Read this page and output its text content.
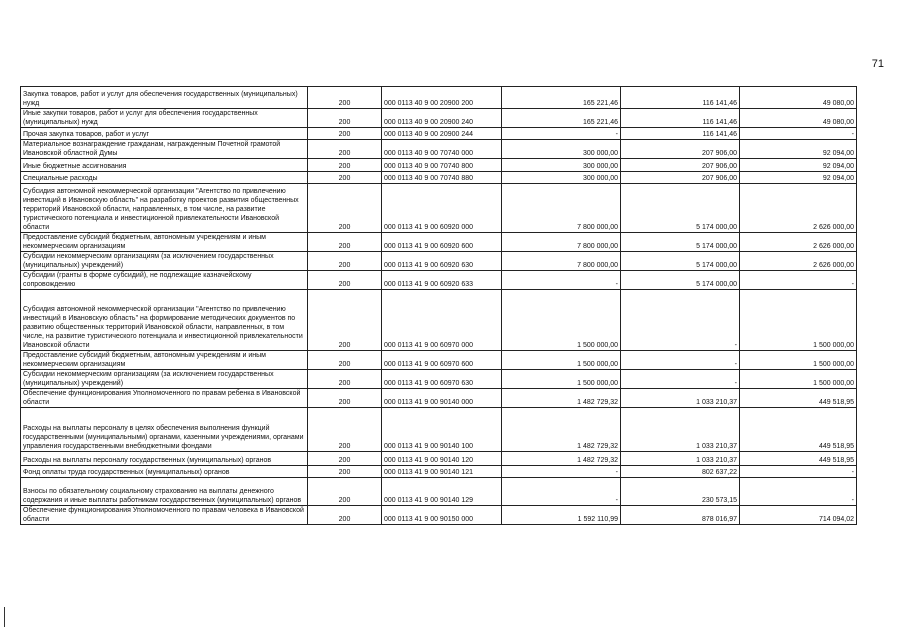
71
Закупка товаров, работ и услуг для обеспечения государственных (муниципальных) нужд	200	000 0113 40 9 00 20900 200	165 221,46	116 141,46	49 080,00
Иные закупки товаров, работ и услуг для обеспечения государственных (муниципальных) нужд	200	000 0113 40 9 00 20900 240	165 221,46	116 141,46	49 080,00
Прочая закупка товаров, работ и услуг	200	000 0113 40 9 00 20900 244	-	116 141,46	-
Материальное вознаграждение гражданам, награжденным Почетной грамотой Ивановской областной Думы	200	000 0113 40 9 00 70740 000	300 000,00	207 906,00	92 094,00
Иные бюджетные ассигнования	200	000 0113 40 9 00 70740 800	300 000,00	207 906,00	92 094,00
Специальные расходы	200	000 0113 40 9 00 70740 880	300 000,00	207 906,00	92 094,00
Субсидия автономной некоммерческой организации "Агентство по привлечению инвестиций в Ивановскую область" на разработку проектов развития общественных территорий Ивановской области, направленных, в том числе, на развитие туристического потенциала и инвестиционной привлекательности Ивановской области	200	000 0113 41 9 00 60920 000	7 800 000,00	5 174 000,00	2 626 000,00
Предоставление субсидий бюджетным, автономным учреждениям и иным некоммерческим организациям	200	000 0113 41 9 00 60920 600	7 800 000,00	5 174 000,00	2 626 000,00
Субсидии некоммерческим организациям (за исключением государственных (муниципальных) учреждений)	200	000 0113 41 9 00 60920 630	7 800 000,00	5 174 000,00	2 626 000,00
Субсидии (гранты в форме субсидий), не подлежащие казначейскому сопровождению	200	000 0113 41 9 00 60920 633	-	5 174 000,00	-
Субсидия автономной некоммерческой организации "Агентство по привлечению инвестиций в Ивановскую область" на формирование методических документов по развитию общественных территорий Ивановской области, направленных, в том числе, на развитие туристического потенциала и инвестиционной привлекательности Ивановской области	200	000 0113 41 9 00 60970 000	1 500 000,00	-	1 500 000,00
Предоставление субсидий бюджетным, автономным учреждениям и иным некоммерческим организациям	200	000 0113 41 9 00 60970 600	1 500 000,00	-	1 500 000,00
Субсидии некоммерческим организациям (за исключением государственных (муниципальных) учреждений)	200	000 0113 41 9 00 60970 630	1 500 000,00	-	1 500 000,00
Обеспечение функционирования Уполномоченного по правам ребенка в Ивановской области	200	000 0113 41 9 00 90140 000	1 482 729,32	1 033 210,37	449 518,95
Расходы на выплаты персоналу в целях обеспечения выполнения функций государственными (муниципальными) органами, казенными учреждениями, органами управления государственными внебюджетными фондами	200	000 0113 41 9 00 90140 100	1 482 729,32	1 033 210,37	449 518,95
Расходы на выплаты персоналу государственных (муниципальных) органов	200	000 0113 41 9 00 90140 120	1 482 729,32	1 033 210,37	449 518,95
Фонд оплаты труда государственных (муниципальных) органов	200	000 0113 41 9 00 90140 121	-	802 637,22	-
Взносы по обязательному социальному страхованию на выплаты денежного содержания и иные выплаты работникам государственных (муниципальных) органов	200	000 0113 41 9 00 90140 129	-	230 573,15	-
Обеспечение функционирования Уполномоченного по правам человека в Ивановской области	200	000 0113 41 9 00 90150 000	1 592 110,99	878 016,97	714 094,02
